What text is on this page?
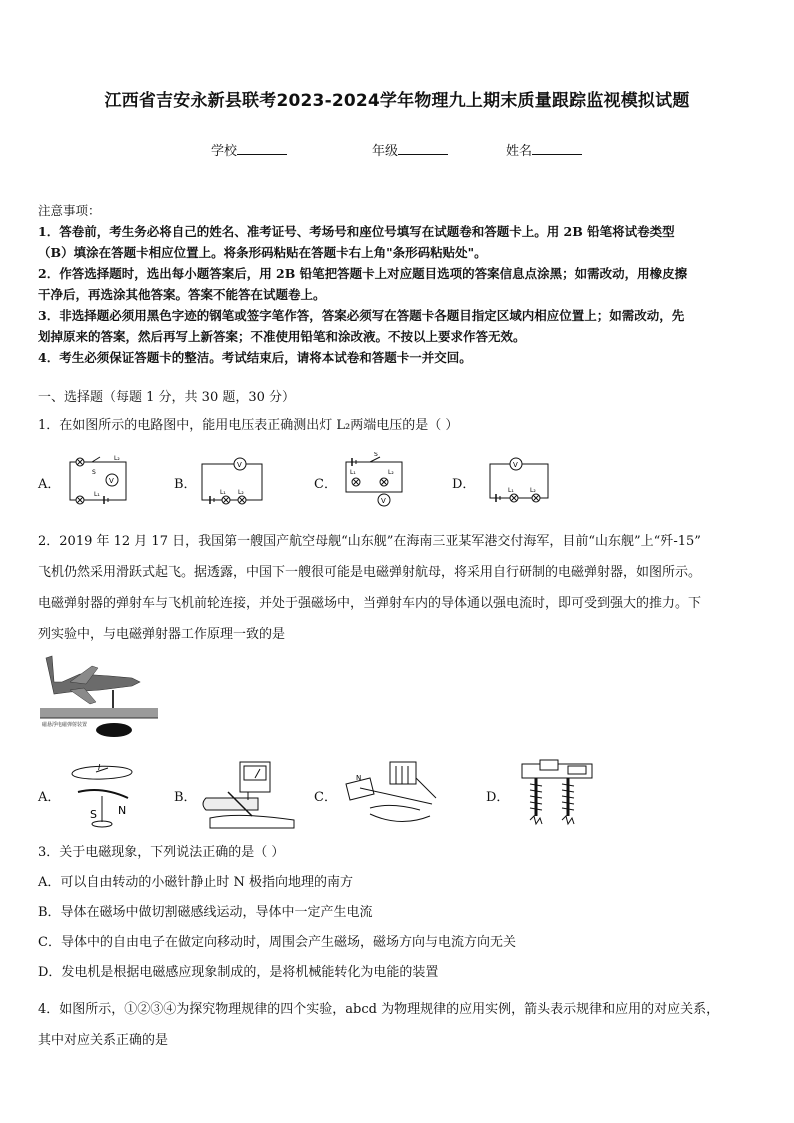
江西省吉安永新县联考2023-2024学年物理九上期末质量跟踪监视模拟试题
学校	年级	姓名
注意事项：
1．答卷前，考生务必将自己的姓名、准考证号、考场号和座位号填写在试题卷和答题卡上。用 2B 铅笔将试卷类型
（B）填涂在答题卡相应位置上。将条形码粘贴在答题卡右上角"条形码粘贴处"。
2．作答选择题时，选出每小题答案后，用 2B 铅笔把答题卡上对应题目选项的答案信息点涂黑；如需改动，用橡皮擦
干净后，再选涂其他答案。答案不能答在试题卷上。
3．非选择题必须用黑色字迹的钢笔或签字笔作答，答案必须写在答题卡各题目指定区域内相应位置上；如需改动，先
划掉原来的答案，然后再写上新答案；不准使用铅笔和涂改液。不按以上要求作答无效。
4．考生必须保证答题卡的整洁。考试结束后，请将本试卷和答题卡一并交回。
一、选择题（每题 1 分，共 30 题，30 分）
1．在如图所示的电路图中，能用电压表正确测出灯 L₂两端电压的是（ ）
A．
S
L₂
V
L₁
B．
V
L₁ L₂
C．
S
L₁	L₂
V
D．
V
L₁	L₂
2．2019 年 12 月 17 日，我国第一艘国产航空母舰“山东舰”在海南三亚某军港交付海军，目前“山东舰”上“歼-15”
飞机仍然采用滑跃式起飞。据透露，中国下一艘很可能是电磁弹射航母，将采用自行研制的电磁弹射器，如图所示。
电磁弹射器的弹射车与飞机前轮连接，并处于强磁场中，当弹射车内的导体通以强电流时，即可受到强大的推力。下
列实验中，与电磁弹射器工作原理一致的是
磁悬浮电磁弹射装置
A．
I
S N
B．	C．
N
D．
3．关于电磁现象，下列说法正确的是（ ）
A．可以自由转动的小磁针静止时 N 极指向地理的南方
B．导体在磁场中做切割磁感线运动，导体中一定产生电流
C．导体中的自由电子在做定向移动时，周围会产生磁场，磁场方向与电流方向无关
D．发电机是根据电磁感应现象制成的，是将机械能转化为电能的装置
4．如图所示，①②③④为探究物理规律的四个实验，abcd 为物理规律的应用实例，箭头表示规律和应用的对应关系，
其中对应关系正确的是
